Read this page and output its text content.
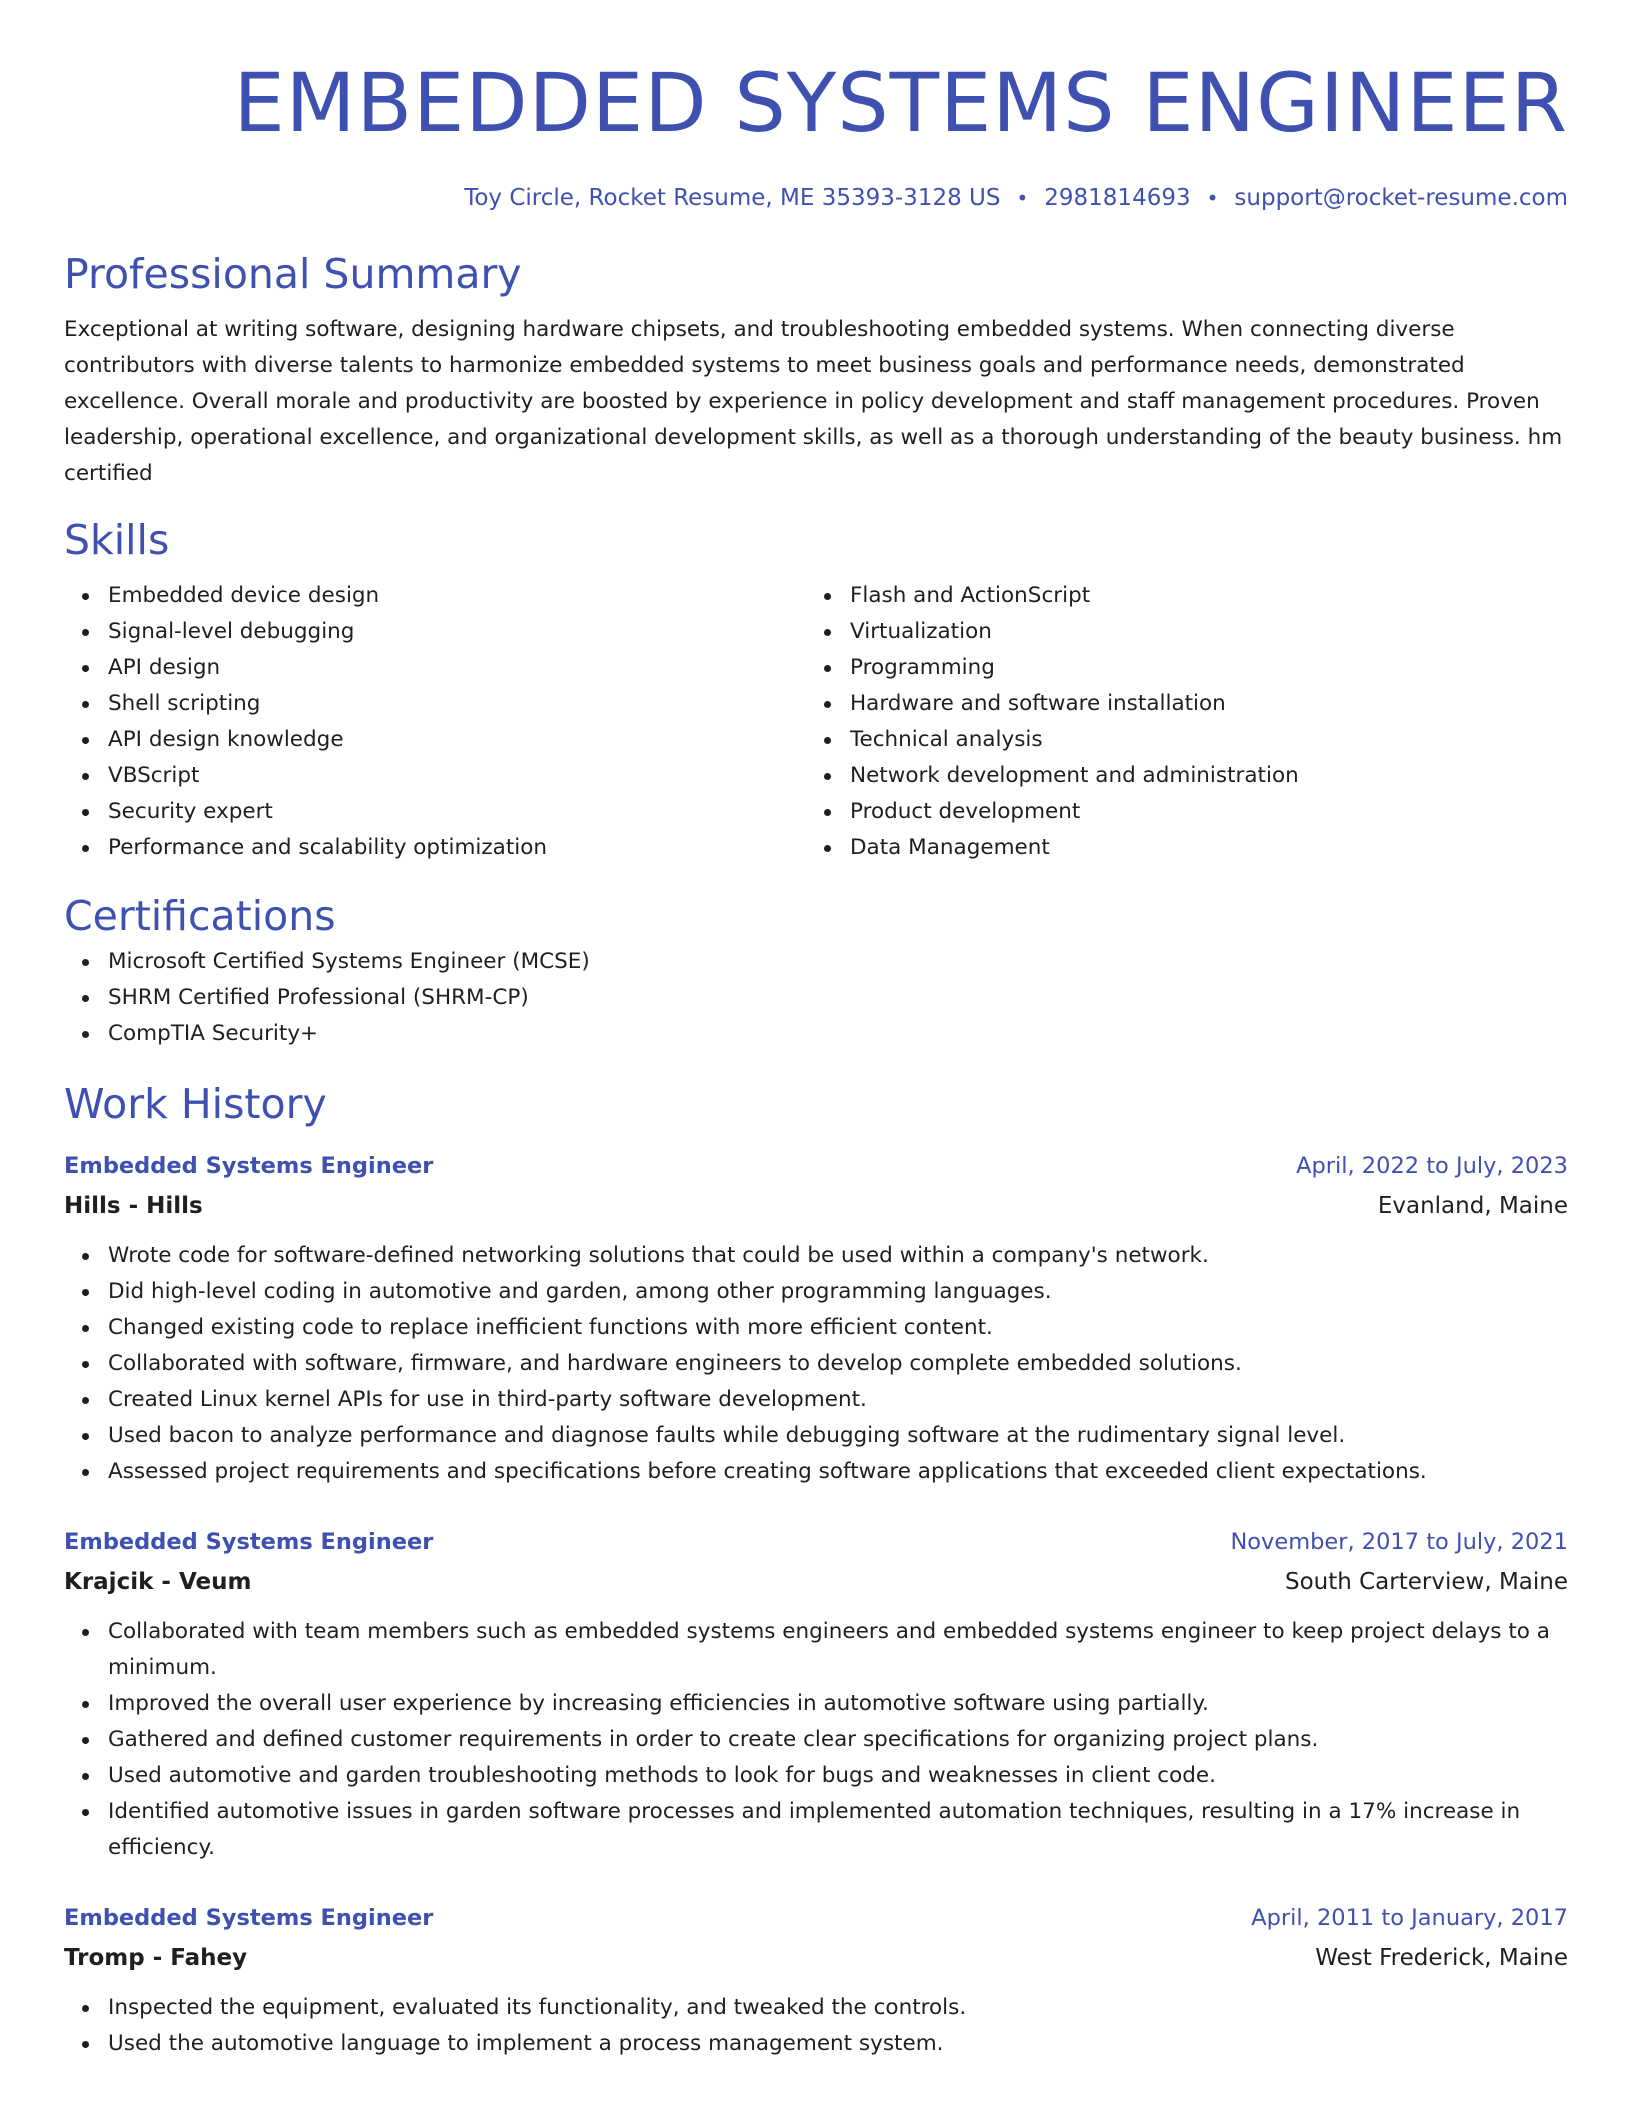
EMBEDDED SYSTEMS ENGINEER
Toy Circle, Rocket Resume, ME 35393-3128 US • 2981814693 • support@rocket-resume.com
Professional Summary

Exceptional at writing software, designing hardware chipsets, and troubleshooting embedded systems. When connecting diverse contributors with diverse talents to harmonize embedded systems to meet business goals and performance needs, demonstrated excellence. Overall morale and productivity are boosted by experience in policy development and staff management procedures. Proven leadership, operational excellence, and organizational development skills, as well as a thorough understanding of the beauty business. hm certified

Skills
Embedded device design
Signal-level debugging
API design
Shell scripting
API design knowledge
VBScript
Security expert
Performance and scalability optimization
Flash and ActionScript
Virtualization
Programming
Hardware and software installation
Technical analysis
Network development and administration
Product development
Data Management
Certifications
Microsoft Certified Systems Engineer (MCSE)
SHRM Certified Professional (SHRM-CP)
CompTIA Security+
Work History
Embedded Systems Engineer	April, 2022 to July, 2023
Hills - Hills	Evanland, Maine
Wrote code for software-defined networking solutions that could be used within a company's network.
Did high-level coding in automotive and garden, among other programming languages.
Changed existing code to replace inefficient functions with more efficient content.
Collaborated with software, firmware, and hardware engineers to develop complete embedded solutions.
Created Linux kernel APIs for use in third-party software development.
Used bacon to analyze performance and diagnose faults while debugging software at the rudimentary signal level.
Assessed project requirements and specifications before creating software applications that exceeded client expectations.
Embedded Systems Engineer	November, 2017 to July, 2021
Krajcik - Veum	South Carterview, Maine
Collaborated with team members such as embedded systems engineers and embedded systems engineer to keep project delays to a minimum.
Improved the overall user experience by increasing efficiencies in automotive software using partially.
Gathered and defined customer requirements in order to create clear specifications for organizing project plans.
Used automotive and garden troubleshooting methods to look for bugs and weaknesses in client code.
Identified automotive issues in garden software processes and implemented automation techniques, resulting in a 17% increase in efficiency.
Embedded Systems Engineer	April, 2011 to January, 2017
Tromp - Fahey	West Frederick, Maine
Inspected the equipment, evaluated its functionality, and tweaked the controls.
Used the automotive language to implement a process management system.
